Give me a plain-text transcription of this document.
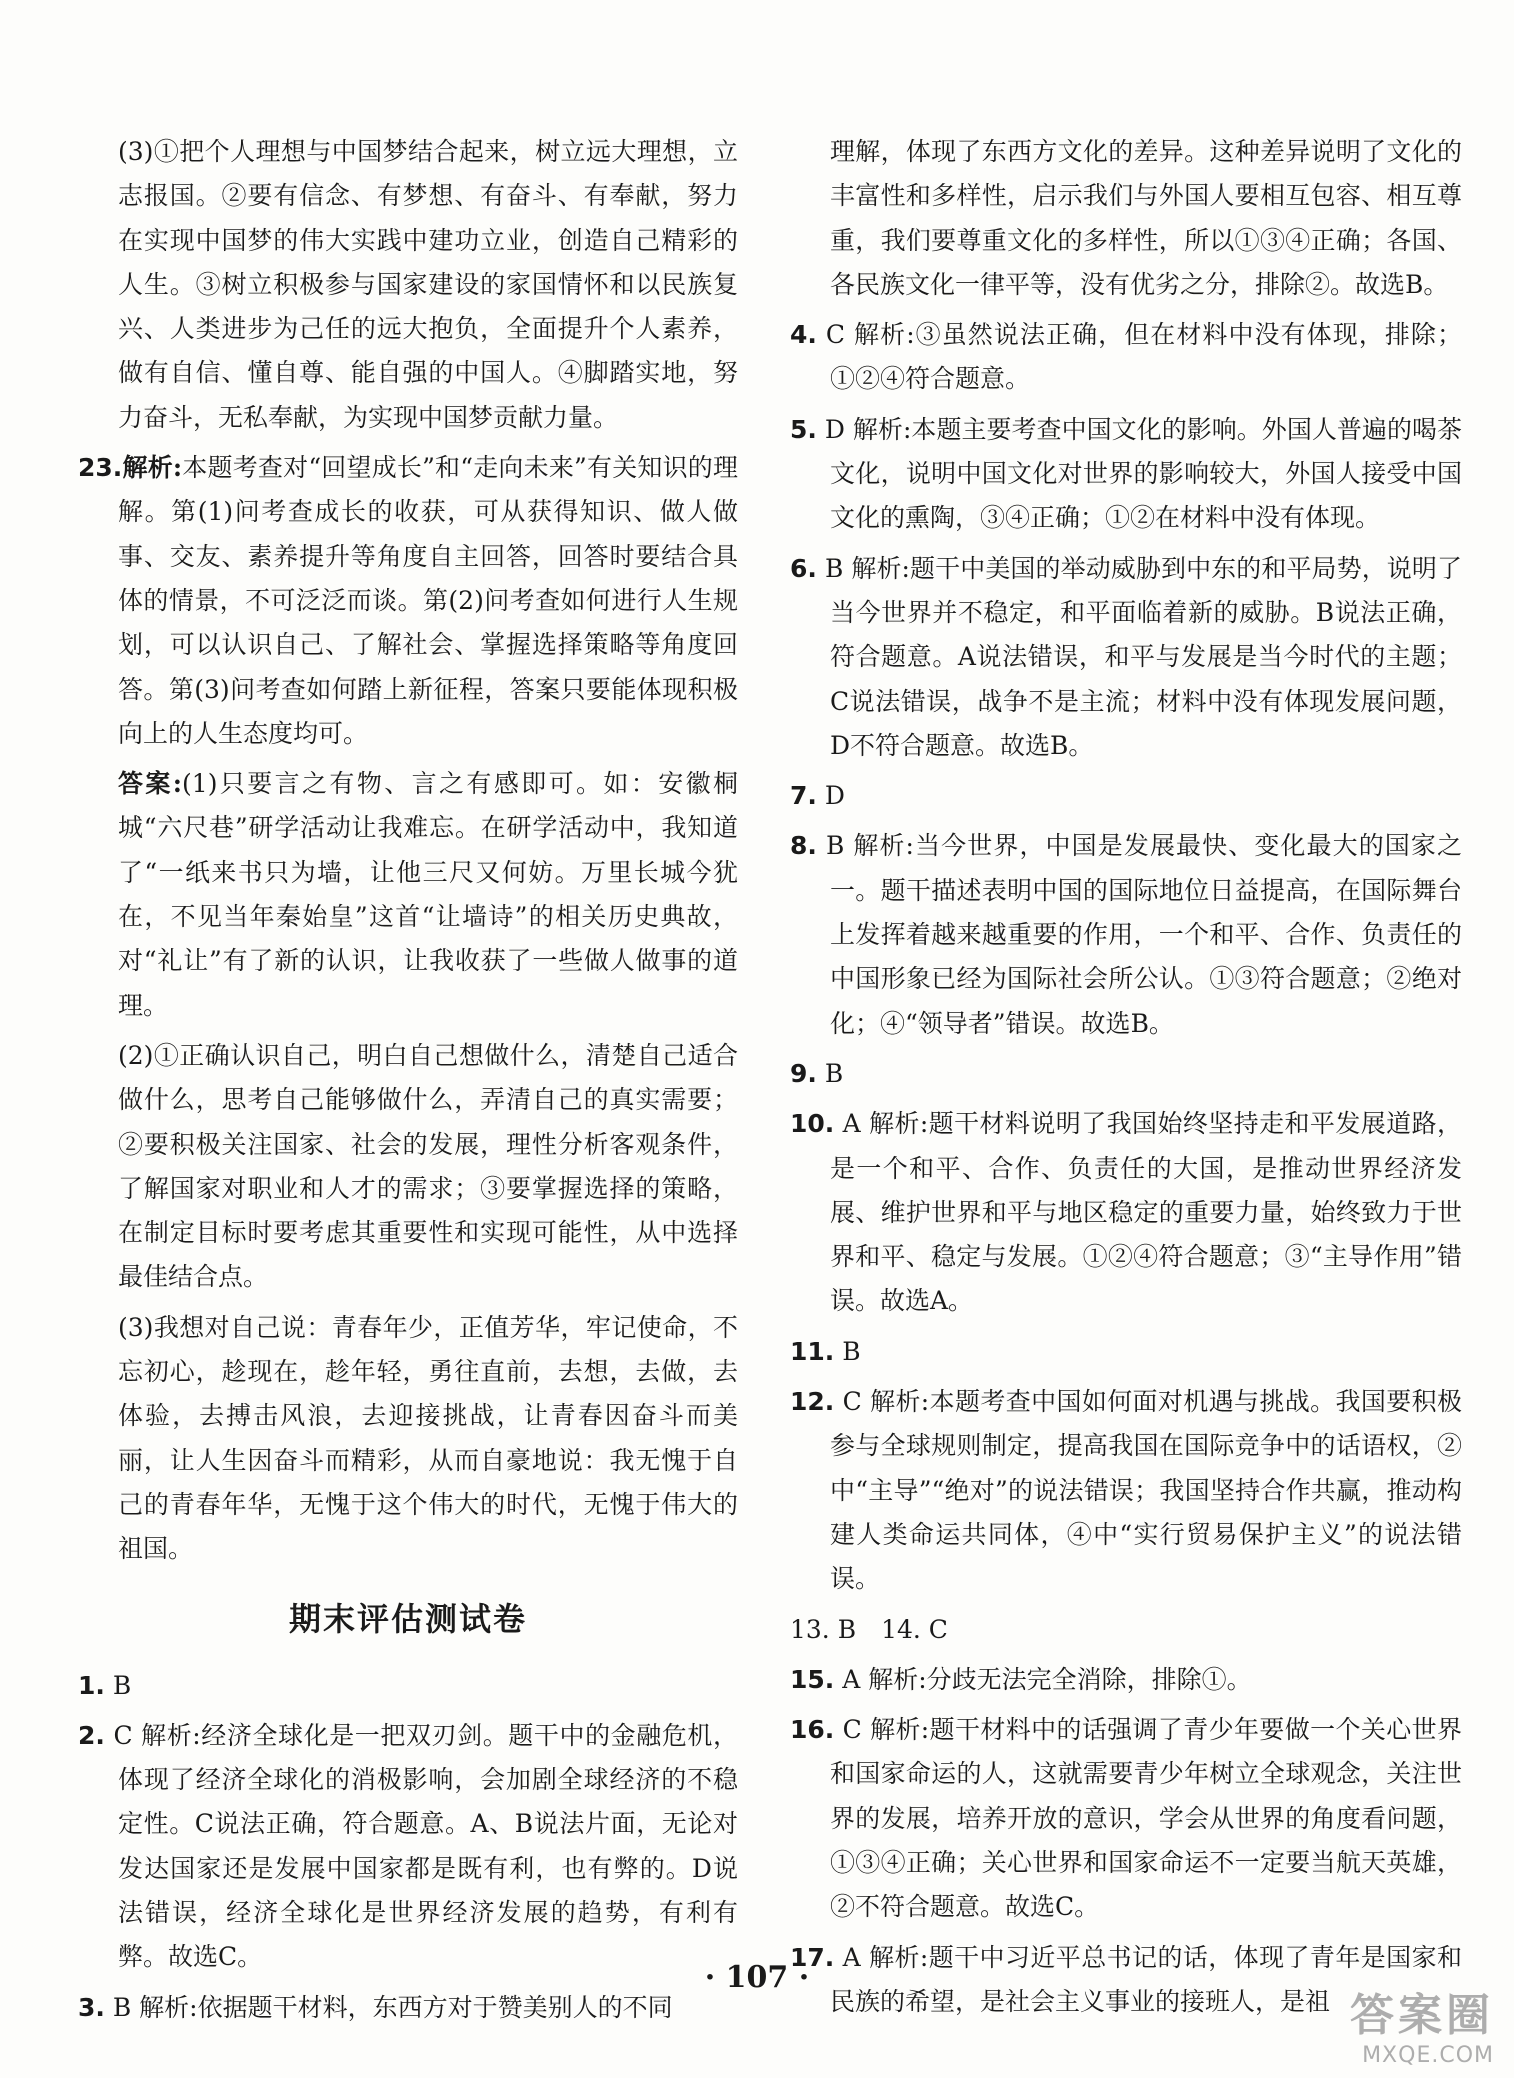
(3)①把个人理想与中国梦结合起来，树立远大理想，立志报国。②要有信念、有梦想、有奋斗、有奉献，努力在实现中国梦的伟大实践中建功立业，创造自己精彩的人生。③树立积极参与国家建设的家国情怀和以民族复兴、人类进步为己任的远大抱负，全面提升个人素养，做有自信、懂自尊、能自强的中国人。④脚踏实地，努力奋斗，无私奉献，为实现中国梦贡献力量。

23.解析:本题考查对“回望成长”和“走向未来”有关知识的理解。第(1)问考查成长的收获，可从获得知识、做人做事、交友、素养提升等角度自主回答，回答时要结合具体的情景，不可泛泛而谈。第(2)问考查如何进行人生规划，可以认识自己、了解社会、掌握选择策略等角度回答。第(3)问考查如何踏上新征程，答案只要能体现积极向上的人生态度均可。

答案:(1)只要言之有物、言之有感即可。如：安徽桐城“六尺巷”研学活动让我难忘。在研学活动中，我知道了“一纸来书只为墙，让他三尺又何妨。万里长城今犹在，不见当年秦始皇”这首“让墙诗”的相关历史典故，对“礼让”有了新的认识，让我收获了一些做人做事的道理。

(2)①正确认识自己，明白自己想做什么，清楚自己适合做什么，思考自己能够做什么，弄清自己的真实需要；②要积极关注国家、社会的发展，理性分析客观条件，了解国家对职业和人才的需求；③要掌握选择的策略，在制定目标时要考虑其重要性和实现可能性，从中选择最佳结合点。

(3)我想对自己说：青春年少，正值芳华，牢记使命，不忘初心，趁现在，趁年轻，勇往直前，去想，去做，去体验，去搏击风浪，去迎接挑战，让青春因奋斗而美丽，让人生因奋斗而精彩，从而自豪地说：我无愧于自己的青春年华，无愧于这个伟大的时代，无愧于伟大的祖国。

期末评估测试卷

1. B

2. C 解析:经济全球化是一把双刃剑。题干中的金融危机，体现了经济全球化的消极影响，会加剧全球经济的不稳定性。C说法正确，符合题意。A、B说法片面，无论对发达国家还是发展中国家都是既有利，也有弊的。D说法错误，经济全球化是世界经济发展的趋势，有利有弊。故选C。

3. B 解析:依据题干材料，东西方对于赞美别人的不同

理解，体现了东西方文化的差异。这种差异说明了文化的丰富性和多样性，启示我们与外国人要相互包容、相互尊重，我们要尊重文化的多样性，所以①③④正确；各国、各民族文化一律平等，没有优劣之分，排除②。故选B。

4. C 解析:③虽然说法正确，但在材料中没有体现，排除；①②④符合题意。

5. D 解析:本题主要考查中国文化的影响。外国人普遍的喝茶文化，说明中国文化对世界的影响较大，外国人接受中国文化的熏陶，③④正确；①②在材料中没有体现。

6. B 解析:题干中美国的举动威胁到中东的和平局势，说明了当今世界并不稳定，和平面临着新的威胁。B说法正确，符合题意。A说法错误，和平与发展是当今时代的主题；C说法错误，战争不是主流；材料中没有体现发展问题，D不符合题意。故选B。

7. D

8. B 解析:当今世界，中国是发展最快、变化最大的国家之一。题干描述表明中国的国际地位日益提高，在国际舞台上发挥着越来越重要的作用，一个和平、合作、负责任的中国形象已经为国际社会所公认。①③符合题意；②绝对化；④“领导者”错误。故选B。

9. B

10. A 解析:题干材料说明了我国始终坚持走和平发展道路，是一个和平、合作、负责任的大国，是推动世界经济发展、维护世界和平与地区稳定的重要力量，始终致力于世界和平、稳定与发展。①②④符合题意；③“主导作用”错误。故选A。

11. B

12. C 解析:本题考查中国如何面对机遇与挑战。我国要积极参与全球规则制定，提高我国在国际竞争中的话语权，②中“主导”“绝对”的说法错误；我国坚持合作共赢，推动构建人类命运共同体，④中“实行贸易保护主义”的说法错误。

13. B　14. C

15. A 解析:分歧无法完全消除，排除①。

16. C 解析:题干材料中的话强调了青少年要做一个关心世界和国家命运的人，这就需要青少年树立全球观念，关注世界的发展，培养开放的意识，学会从世界的角度看问题，①③④正确；关心世界和国家命运不一定要当航天英雄，②不符合题意。故选C。

17. A 解析:题干中习近平总书记的话，体现了青年是国家和民族的希望，是社会主义事业的接班人，是祖

· 107 ·
答案圈
MXQE.COM
